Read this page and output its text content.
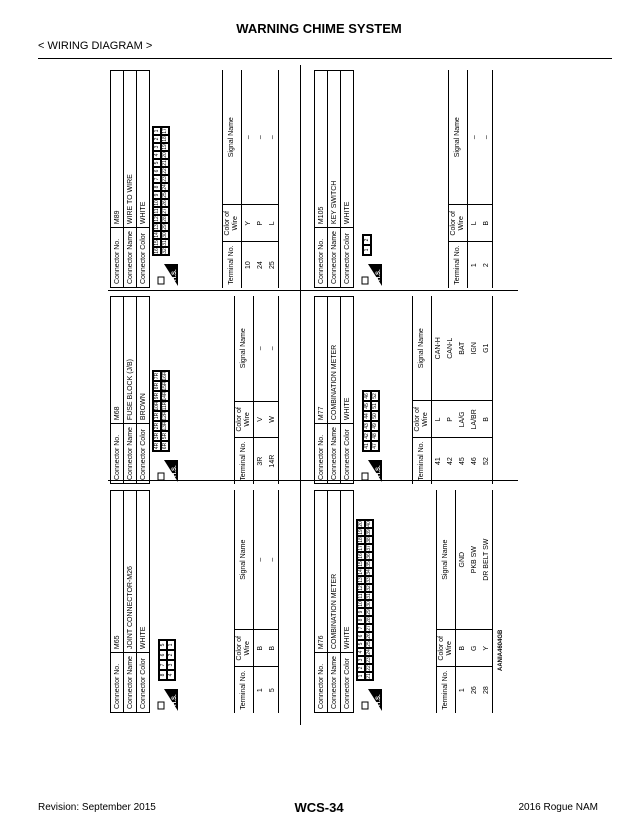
WARNING CHIME SYSTEM
< WIRING DIAGRAM >
Connector No.	M65
Connector Name	JOINT CONNECTOR-M26
Connector Color	WHITE
H.S.
8
7
6
5
4
3
2
1
Terminal No.	Color of Wire	Signal Name
1	B	–
5	B	–
Connector No.	M68
Connector Name	FUSE BLOCK (J/B)
Connector Color	BROWN
H.S.
4R
3R
2R
1R
10R
9R
8R
7R
6R
5R
13R
12R
11R
14R
15R
16R
Terminal No.	Color of Wire	Signal Name
3R	V	–
14R	W	–
Connector No.	M89
Connector Name	WIRE TO WIRE
Connector Color	WHITE
H.S.
16
15
14
13
12
11
10
9
8
7
6
5
4
3
2
1
32
31
30
29
28
27
26
25
24
23
22
21
20
19
18
17
Terminal No.	Color of Wire	Signal Name
10	Y	–
24	P	–
25	L	–
Connector No.	M76
Connector Name	COMBINATION METER
Connector Color	WHITE
H.S.
1
2
3
4
5
6
7
8
9
10
11
12
13
14
15
16
17
18
19
20
21
22
23
24
25
26
27
28
29
30
31
32
33
34
35
36
37
38
39
40
Terminal No.	Color of Wire	Signal Name
1	B	GND
26	G	PKB SW
28	Y	DR BELT SW
Connector No.	M77
Connector Name	COMBINATION METER
Connector Color	WHITE
H.S.
41
42
43
44
45
46
47
48
49
50
51
52
Terminal No.	Color of Wire	Signal Name
41	L	CAN-H
42	P	CAN-L
45	LA/G	BAT
46	LA/BR	IGN
52	B	G1
Connector No.	M105
Connector Name	KEY SWITCH
Connector Color	WHITE
H.S.
1
2
Terminal No.	Color of Wire	Signal Name
1	L	–
2	B	–
AANIA4604GB
Revision: September 2015	WCS-34	2016 Rogue NAM
